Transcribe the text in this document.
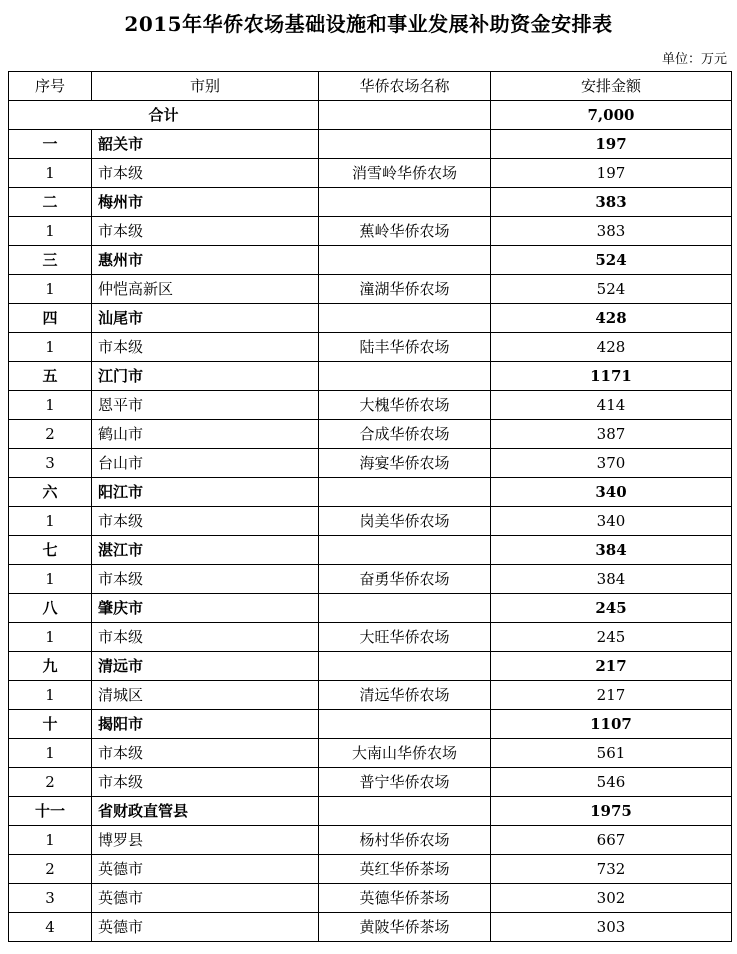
2015年华侨农场基础设施和事业发展补助资金安排表
单位：万元
序号	市别	华侨农场名称	安排金额
合计			7,000
一	韶关市		197
1	市本级	消雪岭华侨农场	197
二	梅州市		383
1	市本级	蕉岭华侨农场	383
三	惠州市		524
1	仲恺高新区	潼湖华侨农场	524
四	汕尾市		428
1	市本级	陆丰华侨农场	428
五	江门市		1171
1	恩平市	大槐华侨农场	414
2	鹤山市	合成华侨农场	387
3	台山市	海宴华侨农场	370
六	阳江市		340
1	市本级	岗美华侨农场	340
七	湛江市		384
1	市本级	奋勇华侨农场	384
八	肇庆市		245
1	市本级	大旺华侨农场	245
九	清远市		217
1	清城区	清远华侨农场	217
十	揭阳市		1107
1	市本级	大南山华侨农场	561
2	市本级	普宁华侨农场	546
十一	省财政直管县		1975
1	博罗县	杨村华侨农场	667
2	英德市	英红华侨茶场	732
3	英德市	英德华侨茶场	302
4	英德市	黄陂华侨茶场	303
